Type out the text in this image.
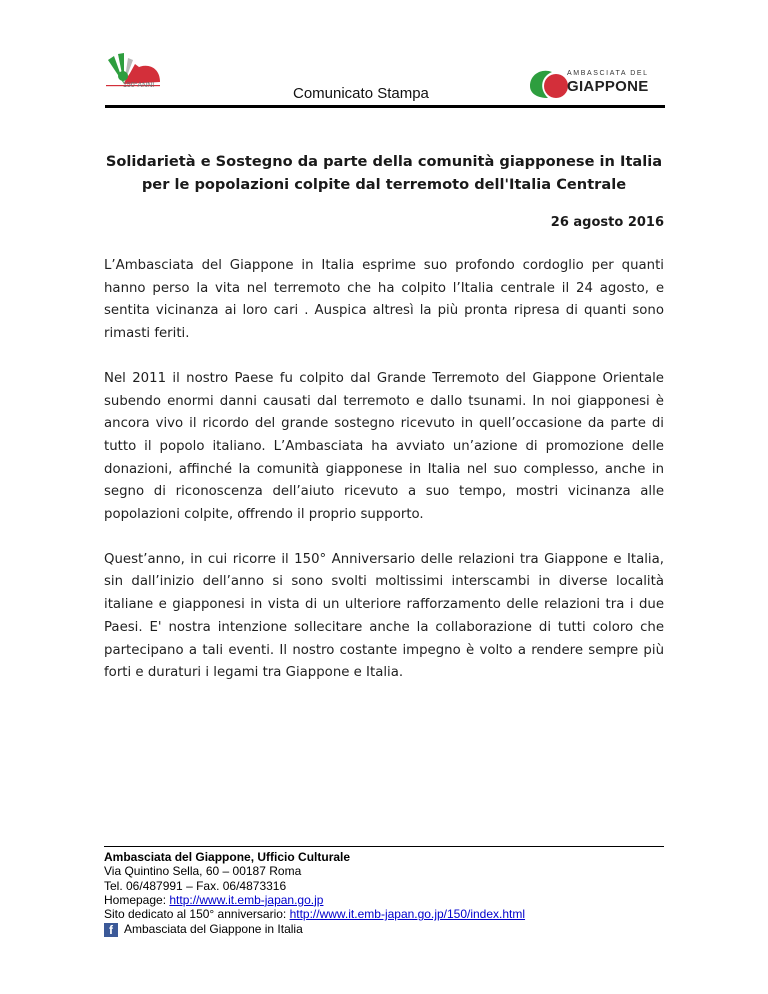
150°ANNI	Comunicato Stampa
AMBASCIATA DEL
GIAPPONE
Solidarietà e Sostegno da parte della comunità giapponese in Italia
per le popolazioni colpite dal terremoto dell'Italia Centrale
26 agosto 2016

L’Ambasciata del Giappone in Italia esprime suo profondo cordoglio per quanti hanno perso la vita nel terremoto che ha colpito l’Italia centrale il 24 agosto, e sentita vicinanza ai loro cari . Auspica altresì la più pronta ripresa di quanti sono rimasti feriti.

Nel 2011 il nostro Paese fu colpito dal Grande Terremoto del Giappone Orientale subendo enormi danni causati dal terremoto e dallo tsunami. In noi giapponesi è ancora vivo il ricordo del grande sostegno ricevuto in quell’occasione da parte di tutto il popolo italiano. L’Ambasciata ha avviato un’azione di promozione delle donazioni, affinché la comunità giapponese in Italia nel suo complesso, anche in segno di riconoscenza dell’aiuto ricevuto a suo tempo, mostri vicinanza alle popolazioni colpite, offrendo il proprio supporto.

Quest’anno, in cui ricorre il 150° Anniversario delle relazioni tra Giappone e Italia, sin dall’inizio dell’anno si sono svolti moltissimi interscambi in diverse località italiane e giapponesi in vista di un ulteriore rafforzamento delle relazioni tra i due Paesi. E' nostra intenzione sollecitare anche la collaborazione di tutti coloro che partecipano a tali eventi. Il nostro costante impegno è volto a rendere sempre più forti e duraturi i legami tra Giappone e Italia.

Ambasciata del Giappone, Ufficio Culturale
Via Quintino Sella, 60 – 00187 Roma
Tel. 06/487991 – Fax. 06/4873316
Homepage: http://www.it.emb-japan.go.jp
Sito dedicato al 150° anniversario: http://www.it.emb-japan.go.jp/150/index.html
f Ambasciata del Giappone in Italia
